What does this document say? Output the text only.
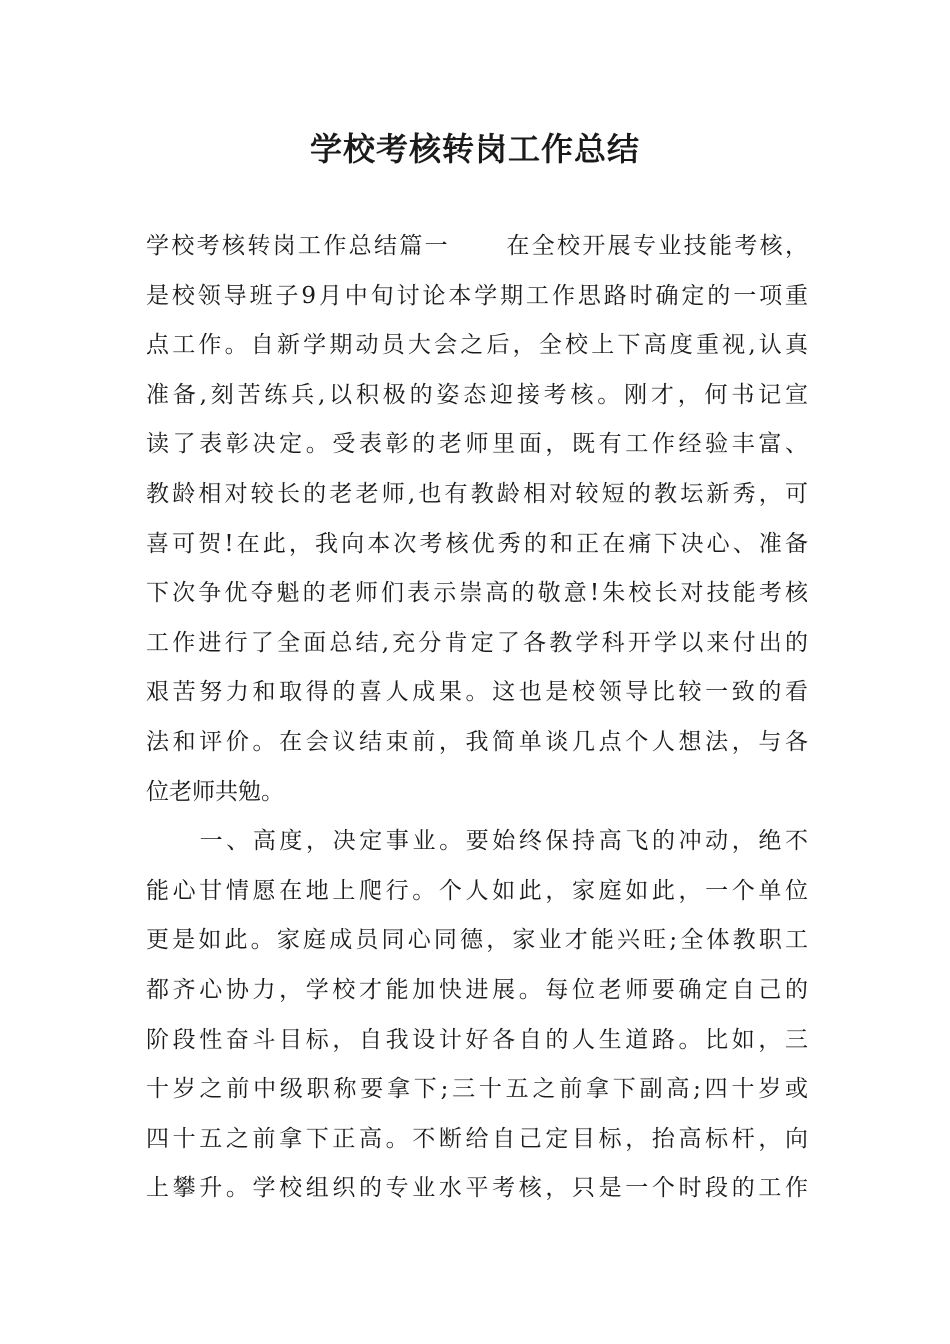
学校考核转岗工作总结
学校考核转岗工作总结篇一 在全校开展专业技能考核，
是校领导班子9月中旬讨论本学期工作思路时确定的一项重
点工作。自新学期动员大会之后，全校上下高度重视,认真
准备,刻苦练兵,以积极的姿态迎接考核。刚才，何书记宣
读了表彰决定。受表彰的老师里面，既有工作经验丰富、
教龄相对较长的老老师,也有教龄相对较短的教坛新秀，可
喜可贺!在此，我向本次考核优秀的和正在痛下决心、准备
下次争优夺魁的老师们表示崇高的敬意!朱校长对技能考核
工作进行了全面总结,充分肯定了各教学科开学以来付出的
艰苦努力和取得的喜人成果。这也是校领导比较一致的看
法和评价。在会议结束前，我简单谈几点个人想法，与各
位老师共勉。
一、高度，决定事业。要始终保持高飞的冲动，绝不
能心甘情愿在地上爬行。个人如此，家庭如此，一个单位
更是如此。家庭成员同心同德，家业才能兴旺;全体教职工
都齐心协力，学校才能加快进展。每位老师要确定自己的
阶段性奋斗目标，自我设计好各自的人生道路。比如，三
十岁之前中级职称要拿下;三十五之前拿下副高;四十岁或
四十五之前拿下正高。不断给自己定目标，抬高标杆，向
上攀升。学校组织的专业水平考核，只是一个时段的工作
